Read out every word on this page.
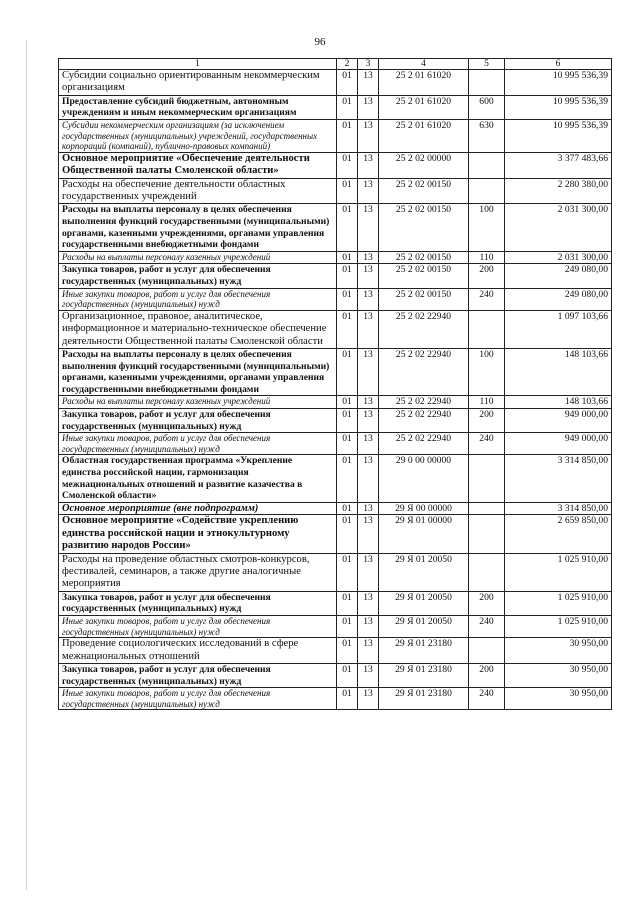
96
1	2	3	4	5	6
Субсидии социально ориентированным некоммерческим организациям	01	13	25 2 01 61020		10 995 536,39
Предоставление субсидий бюджетным, автономным учреждениям и иным некоммерческим организациям	01	13	25 2 01 61020	600	10 995 536,39
Субсидии некоммерческим организациям (за исключением государственных (муниципальных) учреждений, государственных корпораций (компаний), публично-правовых компаний)	01	13	25 2 01 61020	630	10 995 536,39
Основное мероприятие «Обеспечение деятельности Общественной палаты Смоленской области»	01	13	25 2 02 00000		3 377 483,66
Расходы на обеспечение деятельности областных государственных учреждений	01	13	25 2 02 00150		2 280 380,00
Расходы на выплаты персоналу в целях обеспечения выполнения функций государственными (муниципальными) органами, казенными учреждениями, органами управления государственными внебюджетными фондами	01	13	25 2 02 00150	100	2 031 300,00
Расходы на выплаты персоналу казенных учреждений	01	13	25 2 02 00150	110	2 031 300,00
Закупка товаров, работ и услуг для обеспечения государственных (муниципальных) нужд	01	13	25 2 02 00150	200	249 080,00
Иные закупки товаров, работ и услуг для обеспечения государственных (муниципальных) нужд	01	13	25 2 02 00150	240	249 080,00
Организационное, правовое, аналитическое, информационное и материально-техническое обеспечение деятельности Общественной палаты Смоленской области	01	13	25 2 02 22940		1 097 103,66
Расходы на выплаты персоналу в целях обеспечения выполнения функций государственными (муниципальными) органами, казенными учреждениями, органами управления государственными внебюджетными фондами	01	13	25 2 02 22940	100	148 103,66
Расходы на выплаты персоналу казенных учреждений	01	13	25 2 02 22940	110	148 103,66
Закупка товаров, работ и услуг для обеспечения государственных (муниципальных) нужд	01	13	25 2 02 22940	200	949 000,00
Иные закупки товаров, работ и услуг для обеспечения государственных (муниципальных) нужд	01	13	25 2 02 22940	240	949 000,00
Областная государственная программа «Укрепление единства российской нации, гармонизация межнациональных отношений и развитие казачества в Смоленской области»	01	13	29 0 00 00000		3 314 850,00
Основное мероприятие (вне подпрограмм)	01	13	29 Я 00 00000		3 314 850,00
Основное мероприятие «Содействие укреплению единства российской нации и этнокультурному развитию народов России»	01	13	29 Я 01 00000		2 659 850,00
Расходы на проведение областных смотров-конкурсов, фестивалей, семинаров, а также другие аналогичные мероприятия	01	13	29 Я 01 20050		1 025 910,00
Закупка товаров, работ и услуг для обеспечения государственных (муниципальных) нужд	01	13	29 Я 01 20050	200	1 025 910,00
Иные закупки товаров, работ и услуг для обеспечения государственных (муниципальных) нужд	01	13	29 Я 01 20050	240	1 025 910,00
Проведение социологических исследований в сфере межнациональных отношений	01	13	29 Я 01 23180		30 950,00
Закупка товаров, работ и услуг для обеспечения государственных (муниципальных) нужд	01	13	29 Я 01 23180	200	30 950,00
Иные закупки товаров, работ и услуг для обеспечения государственных (муниципальных) нужд	01	13	29 Я 01 23180	240	30 950,00
